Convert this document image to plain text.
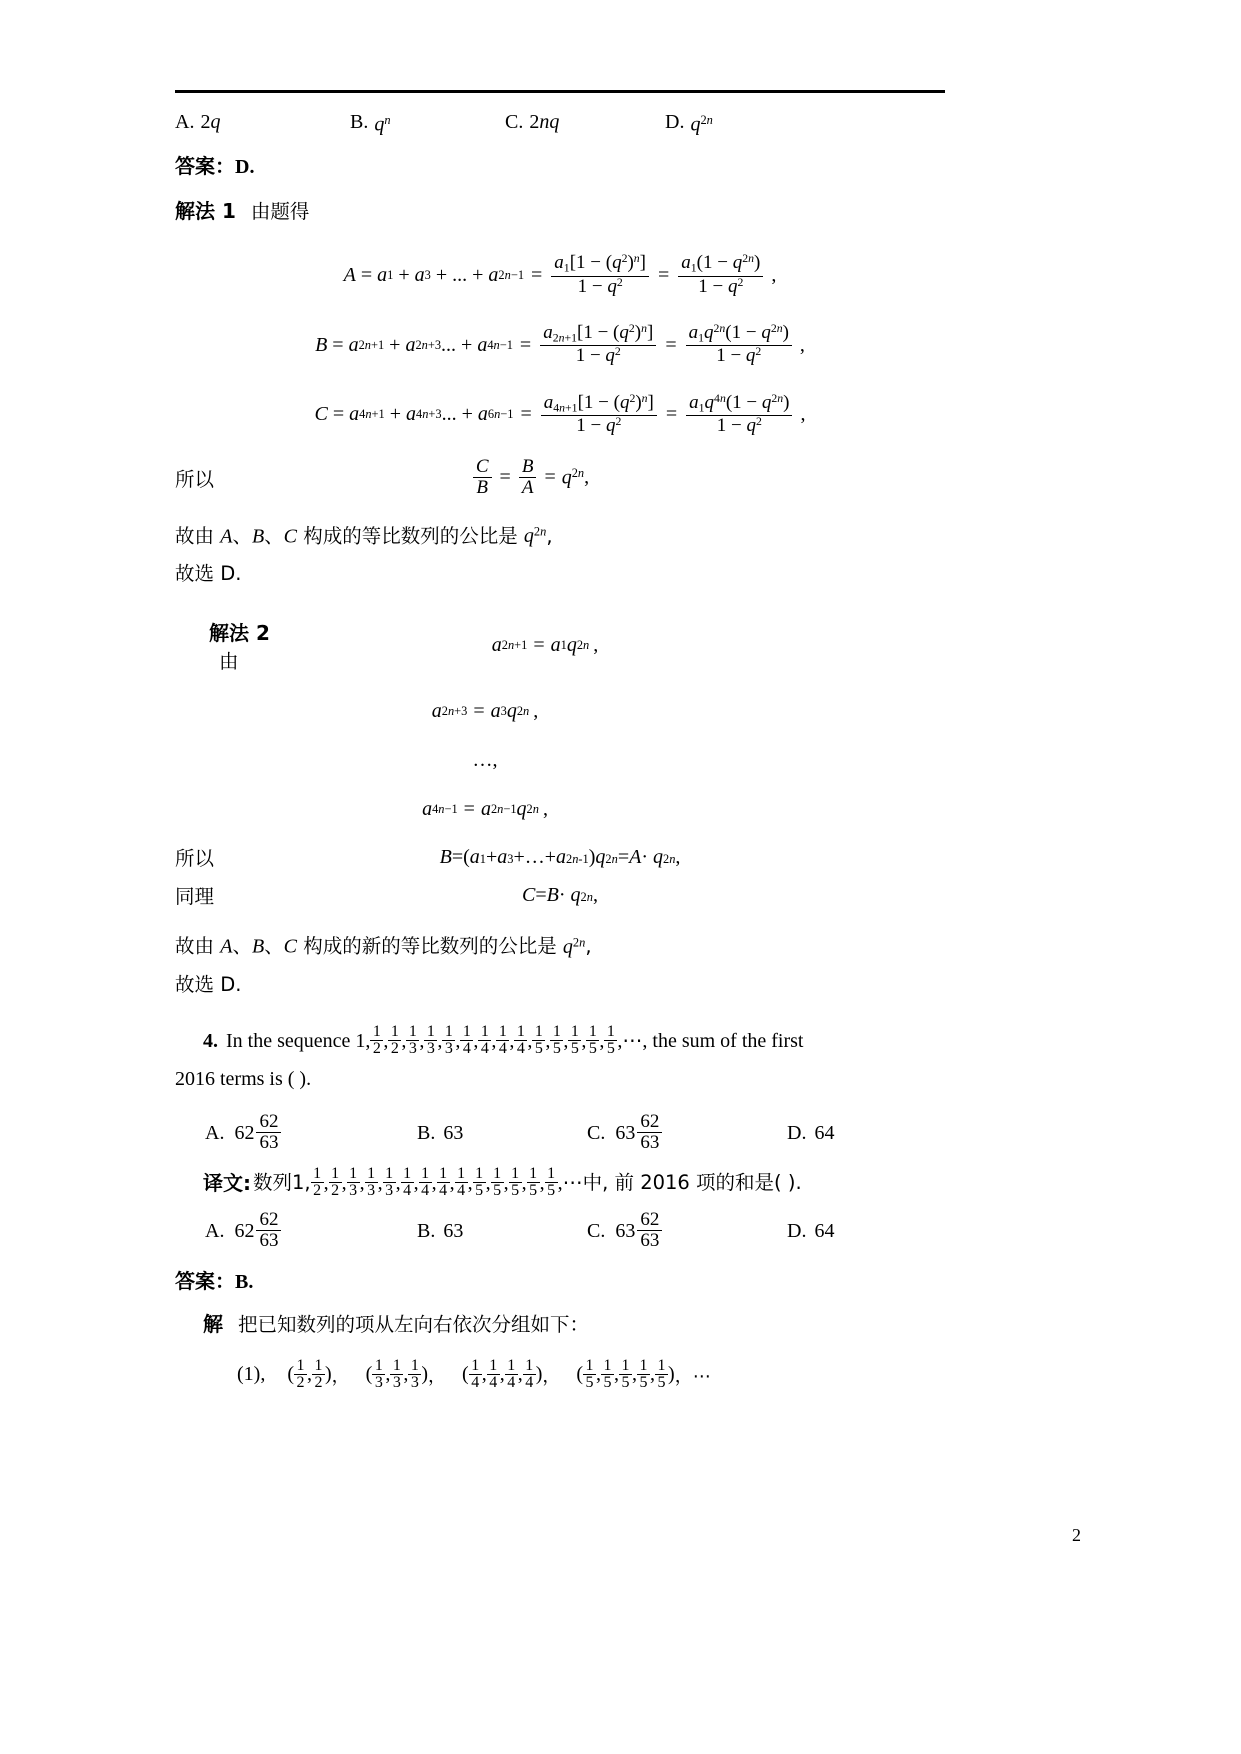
A. 2q	B. $q^n$	C. 2nq	D. $q^{2n}$
答案：D.
解法 1 由题得
A = a 1 + a 3 + ... + a $2n-1 = \frac{a_1[1 - (q^2)^n]}{1 - q^2} = \frac{a_1(1 - q^{2n})}{1 - q^2}$ ,
B = a 2n+1 + a 2n+3 ... + a $4n-1 = \frac{a_{2n+1}[1 - (q^2)^n]}{1 - q^2} = \frac{a_1q^{2n}(1 - q^{2n})}{1 - q^2}$ ,
C = a 4n+1 + a 4n+3 ... + a $6n-1 = \frac{a_{4n+1}[1 - (q^2)^n]}{1 - q^2} = \frac{a_1q^{4n}(1 - q^{2n})}{1 - q^2}$ ,
所以	$\frac{C}{B} = \frac{B}{A} = q^{2n}$ ,
故由 A、B、C 构成的等比数列的公比是 $q^{2n}$,
故选 D.
解法 2 由
a 2n+1 = a 1 q 2n ,
a 2n+3 = a 3 q 2n ,
…,
a 4n−1 = a 2n−1 q 2n ,
所以	B =( a 1 + a 3 +…+ a 2n-1 ) q 2n = A · q 2n ,
同理	C = B · q 2n ,
故由 A、B、C 构成的新的等比数列的公比是 $q^{2n}$,
故选 D.
4. In the sequence 1, $\frac{1}{2}$ , $\frac{1}{2}$ , $\frac{1}{3}$ , $\frac{1}{3}$ , $\frac{1}{3}$ , $\frac{1}{4}$ , $\frac{1}{4}$ , $\frac{1}{4}$ , $\frac{1}{4}$ , $\frac{1}{5}$ , $\frac{1}{5}$ , $\frac{1}{5}$ , $\frac{1}{5}$ , $\frac{1}{5}$ , ⋯ , the sum of the first
2016 terms is ( ).
A. $62 \frac{62}{63}$	B. 63	C. $63 \frac{62}{63}$	D. 64
译文: 数列1, $\frac{1}{2}$ , $\frac{1}{2}$ , $\frac{1}{3}$ , $\frac{1}{3}$ , $\frac{1}{3}$ , $\frac{1}{4}$ , $\frac{1}{4}$ , $\frac{1}{4}$ , $\frac{1}{4}$ , $\frac{1}{5}$ , $\frac{1}{5}$ , $\frac{1}{5}$ , $\frac{1}{5}$ , $\frac{1}{5}$ , ⋯ 中, 前 2016 项的和是( ).
A. $62 \frac{62}{63}$	B. 63	C. $63 \frac{62}{63}$	D. 64
答案：B.
解 把已知数列的项从左向右依次分组如下：
(1), ( $\frac{1}{2}$ , $\frac{1}{2}$ ) ， ( $\frac{1}{3}$ , $\frac{1}{3}$ , $\frac{1}{3}$ ) ， ( $\frac{1}{4}$ , $\frac{1}{4}$ , $\frac{1}{4}$ , $\frac{1}{4}$ ) ， ( $\frac{1}{5}$ , $\frac{1}{5}$ , $\frac{1}{5}$ , $\frac{1}{5}$ , $\frac{1}{5}$ ) ，⋯
2
